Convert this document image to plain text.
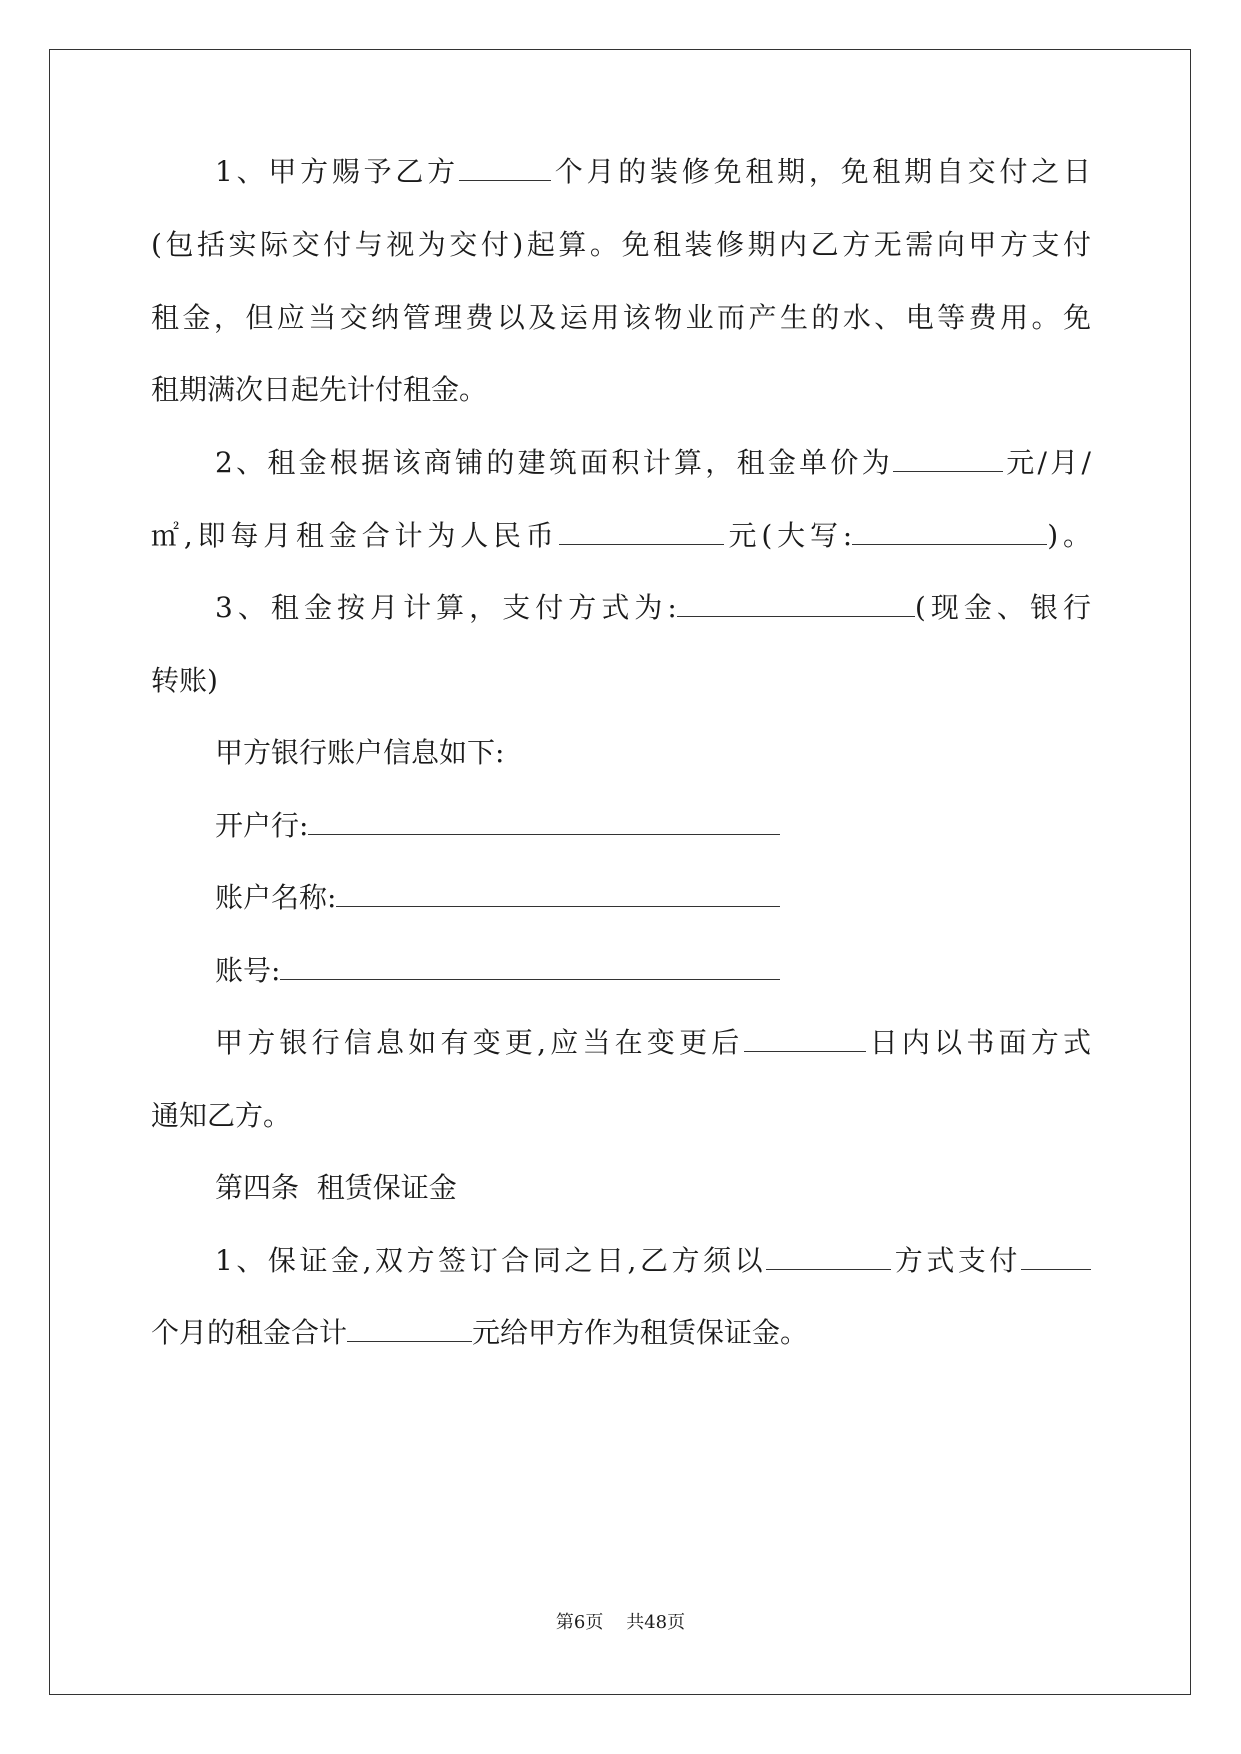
1、甲方赐予乙方	个月的装修免租期，免租期自交付之日
(包括实际交付与视为交付)起算。免租装修期内乙方无需向甲方支付
租金，但应当交纳管理费以及运用该物业而产生的水、电等费用。免
租期满次日起先计付租金。
2、租金根据该商铺的建筑面积计算，租金单价为	元/月/
㎡,即每月租金合计为人民币	元(大写:	)。
3、租金按月计算，支付方式为:	(现金、银行
转账)
甲方银行账户信息如下:
开户行:
账户名称:
账号:
甲方银行信息如有变更,应当在变更后	日内以书面方式
通知乙方。
第四条  租赁保证金
1、保证金,双方签订合同之日,乙方须以	方式支付
个月的租金合计	元给甲方作为租赁保证金。
第6页 共48页
